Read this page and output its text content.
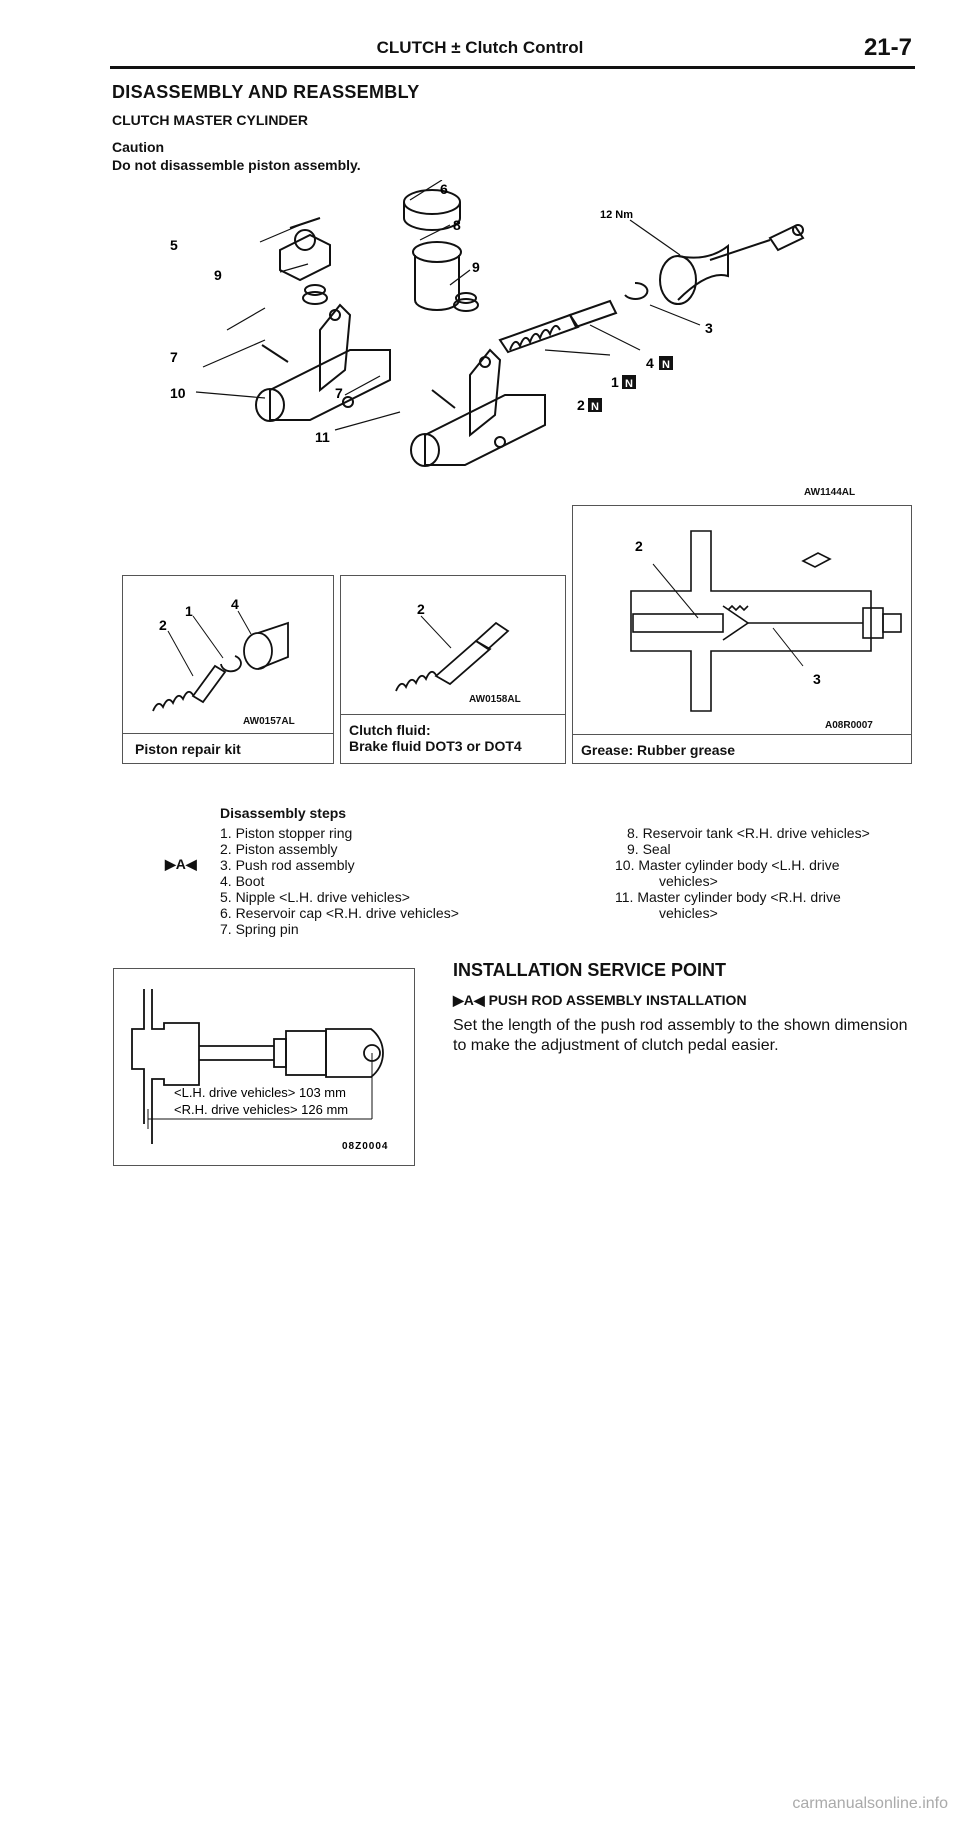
CLUTCH ± Clutch Control	21-7
DISASSEMBLY AND REASSEMBLY
CLUTCH MASTER CYLINDER
Caution
Do not disassemble piston assembly.
6
8
9
5
9
7
10	7
11
12 Nm
3
4 N
1 N
2 N
AW1144AL
2
1	4
AW0157AL
Piston repair kit
2
AW0158AL
Clutch fluid:
Brake fluid DOT3 or DOT4
2
3
A08R0007
Grease: Rubber grease
Disassembly steps
▶A◀
1. Piston stopper ring
2. Piston assembly
3. Push rod assembly
4. Boot
5. Nipple <L.H. drive vehicles>
6. Reservoir cap <R.H. drive vehicles>
7. Spring pin
8. Reservoir tank <R.H. drive vehicles>
9. Seal
10. Master cylinder body <L.H. drive
vehicles>
11. Master cylinder body <R.H. drive
vehicles>
<L.H. drive vehicles> 103 mm
<R.H. drive vehicles> 126 mm
08Z0004
INSTALLATION SERVICE POINT
▶A◀ PUSH ROD ASSEMBLY INSTALLATION
Set the length of the push rod assembly to the shown dimension to make the adjustment of clutch pedal easier.
carmanualsonline.info
